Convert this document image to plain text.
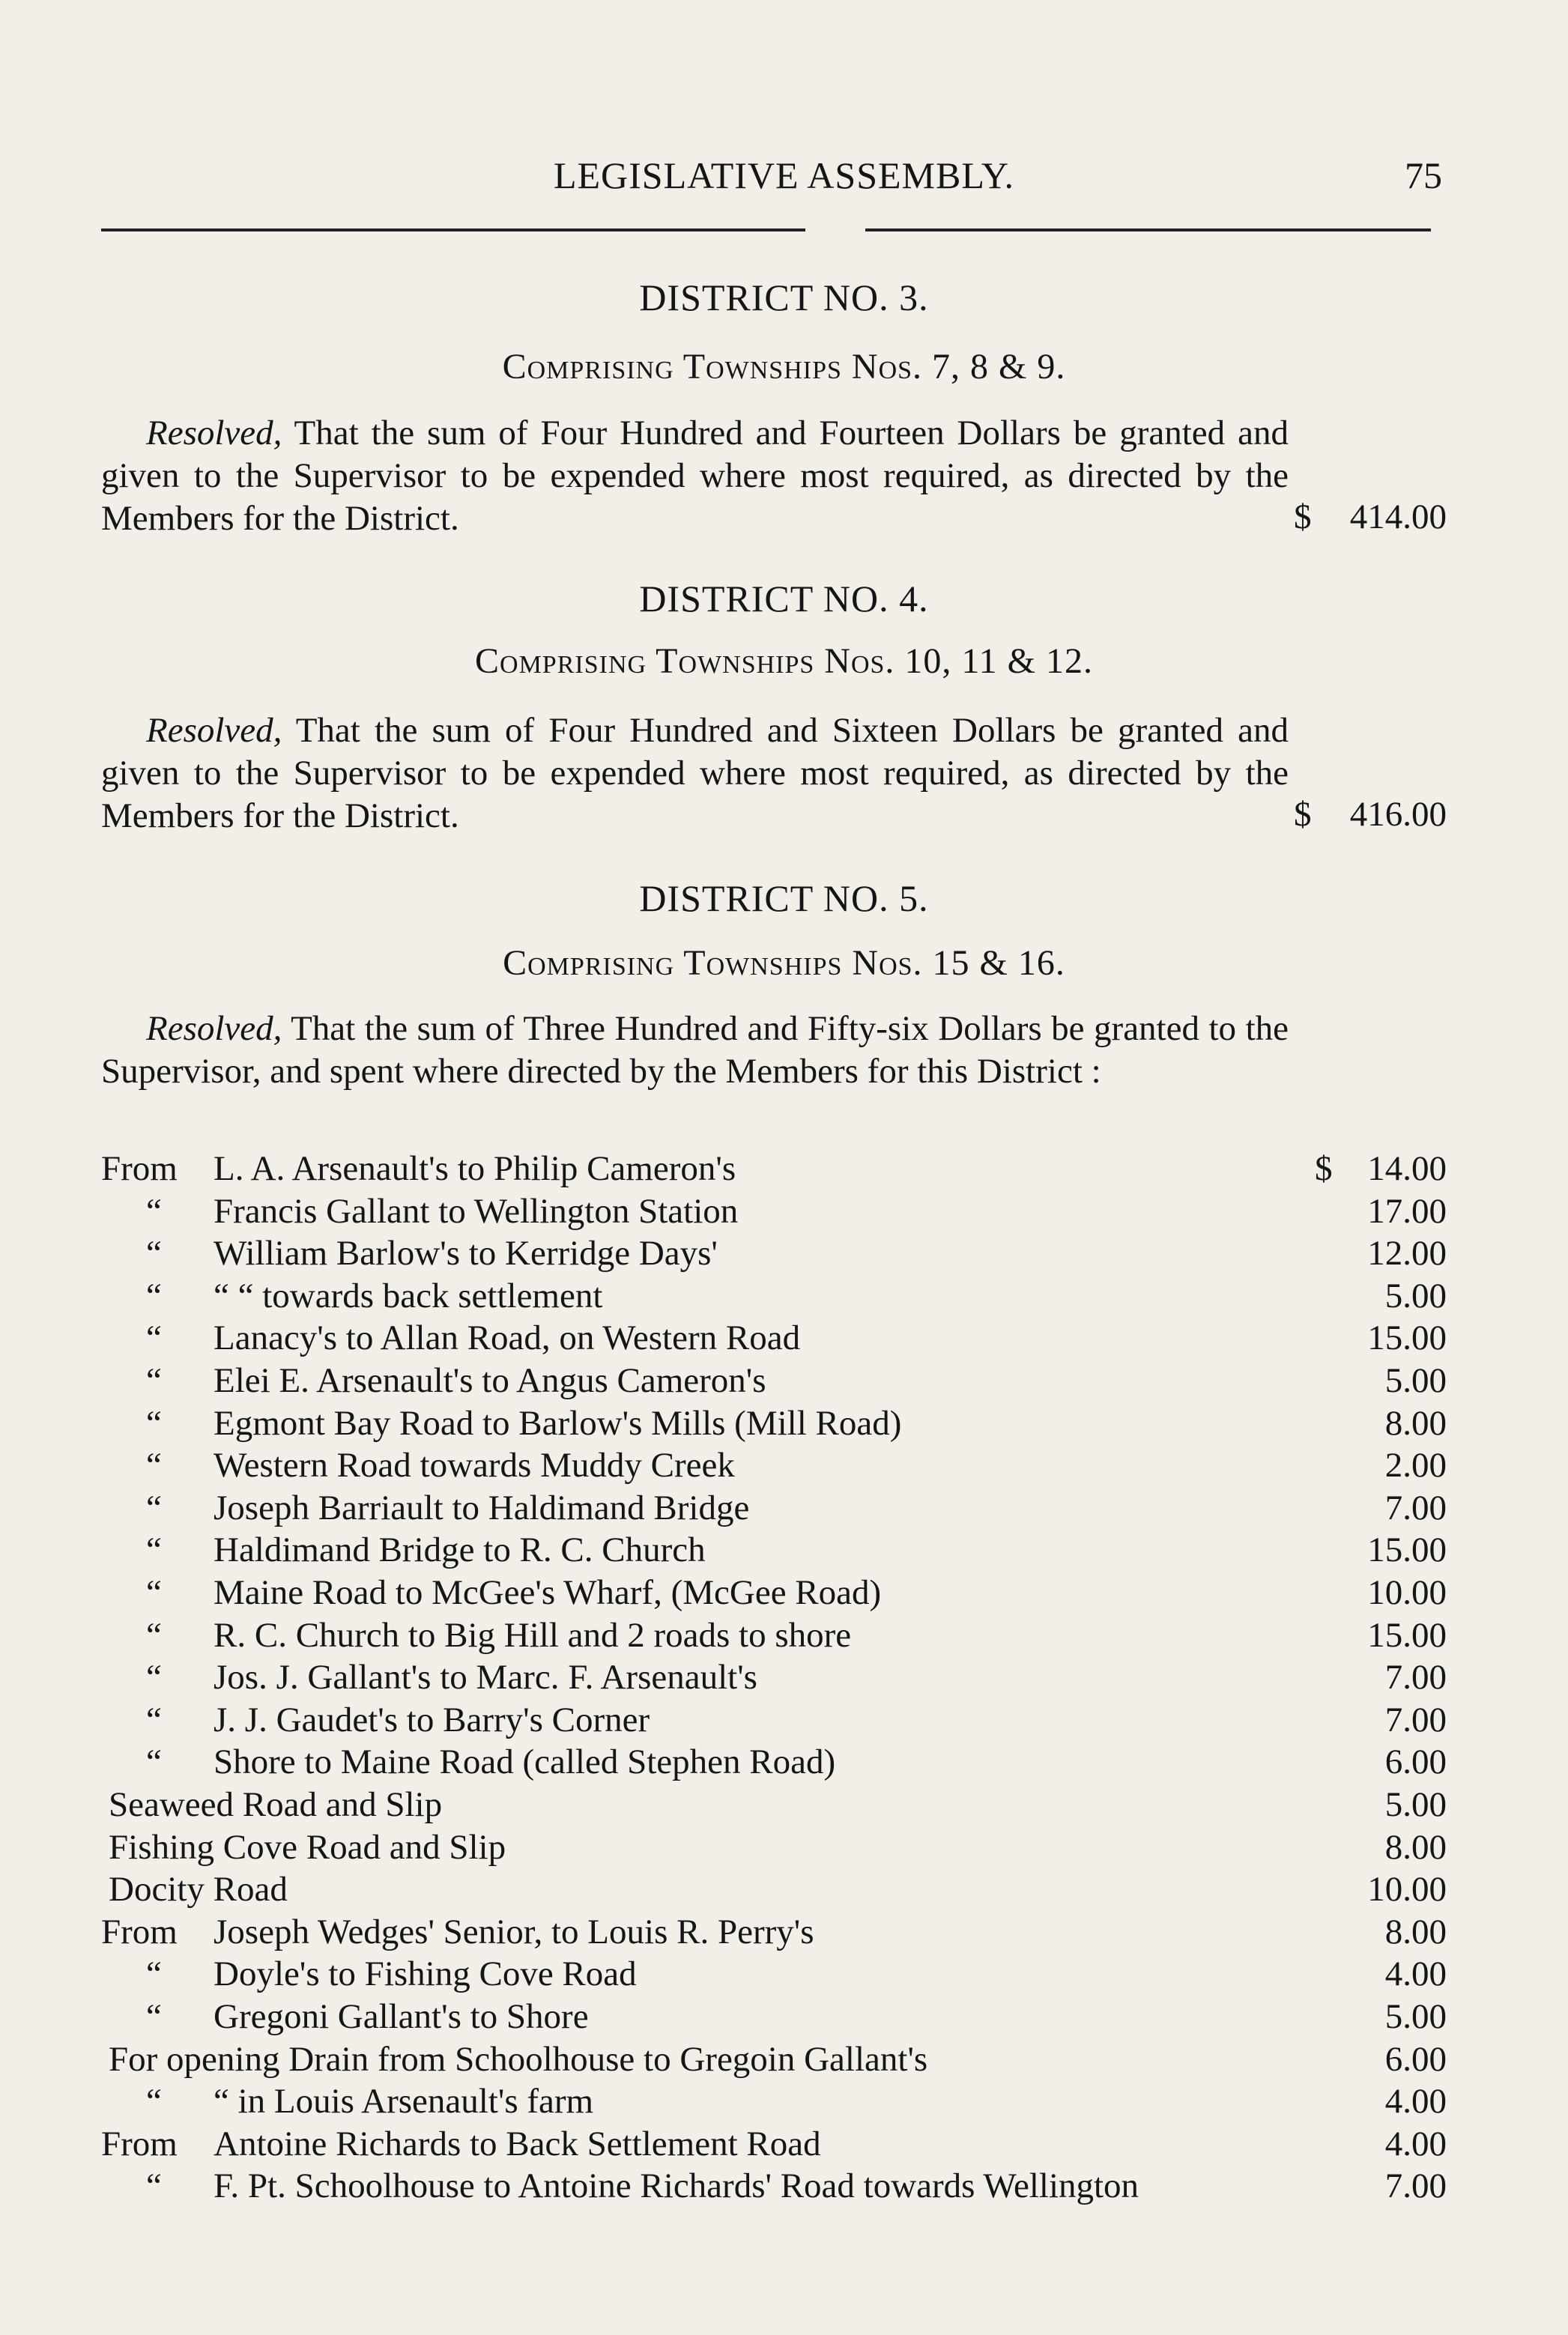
LEGISLATIVE ASSEMBLY.	75
DISTRICT NO. 3.
Comprising Townships Nos. 7, 8 & 9.
Resolved, That the sum of Four Hundred and Fourteen Dollars be granted and given to the Supervisor to be expended where most required, as directed by the Members for the District.	$ 414.00
DISTRICT NO. 4.
Comprising Townships Nos. 10, 11 & 12.
Resolved, That the sum of Four Hundred and Sixteen Dollars be granted and given to the Supervisor to be expended where most required, as directed by the Members for the District.	$ 416.00
DISTRICT NO. 5.
Comprising Townships Nos. 15 & 16.
Resolved, That the sum of Three Hundred and Fifty-six Dollars be granted to the Supervisor, and spent where directed by the Members for this District :
From L. A. Arsenault's to Philip Cameron's	$ 14.00
“ Francis Gallant to Wellington Station	17.00
“ William Barlow's to Kerridge Days'	12.00
“ “ “ towards back settlement	5.00
“ Lanacy's to Allan Road, on Western Road	15.00
“ Elei E. Arsenault's to Angus Cameron's	5.00
“ Egmont Bay Road to Barlow's Mills (Mill Road)	8.00
“ Western Road towards Muddy Creek	2.00
“ Joseph Barriault to Haldimand Bridge	7.00
“ Haldimand Bridge to R. C. Church	15.00
“ Maine Road to McGee's Wharf, (McGee Road)	10.00
“ R. C. Church to Big Hill and 2 roads to shore	15.00
“ Jos. J. Gallant's to Marc. F. Arsenault's	7.00
“ J. J. Gaudet's to Barry's Corner	7.00
“ Shore to Maine Road (called Stephen Road)	6.00
Seaweed Road and Slip	5.00
Fishing Cove Road and Slip	8.00
Docity Road	10.00
From Joseph Wedges' Senior, to Louis R. Perry's	8.00
“ Doyle's to Fishing Cove Road	4.00
“ Gregoni Gallant's to Shore	5.00
For opening Drain from Schoolhouse to Gregoin Gallant's	6.00
“ “ in Louis Arsenault's farm	4.00
From Antoine Richards to Back Settlement Road	4.00
“ F. Pt. Schoolhouse to Antoine Richards' Road towards Wellington	7.00
